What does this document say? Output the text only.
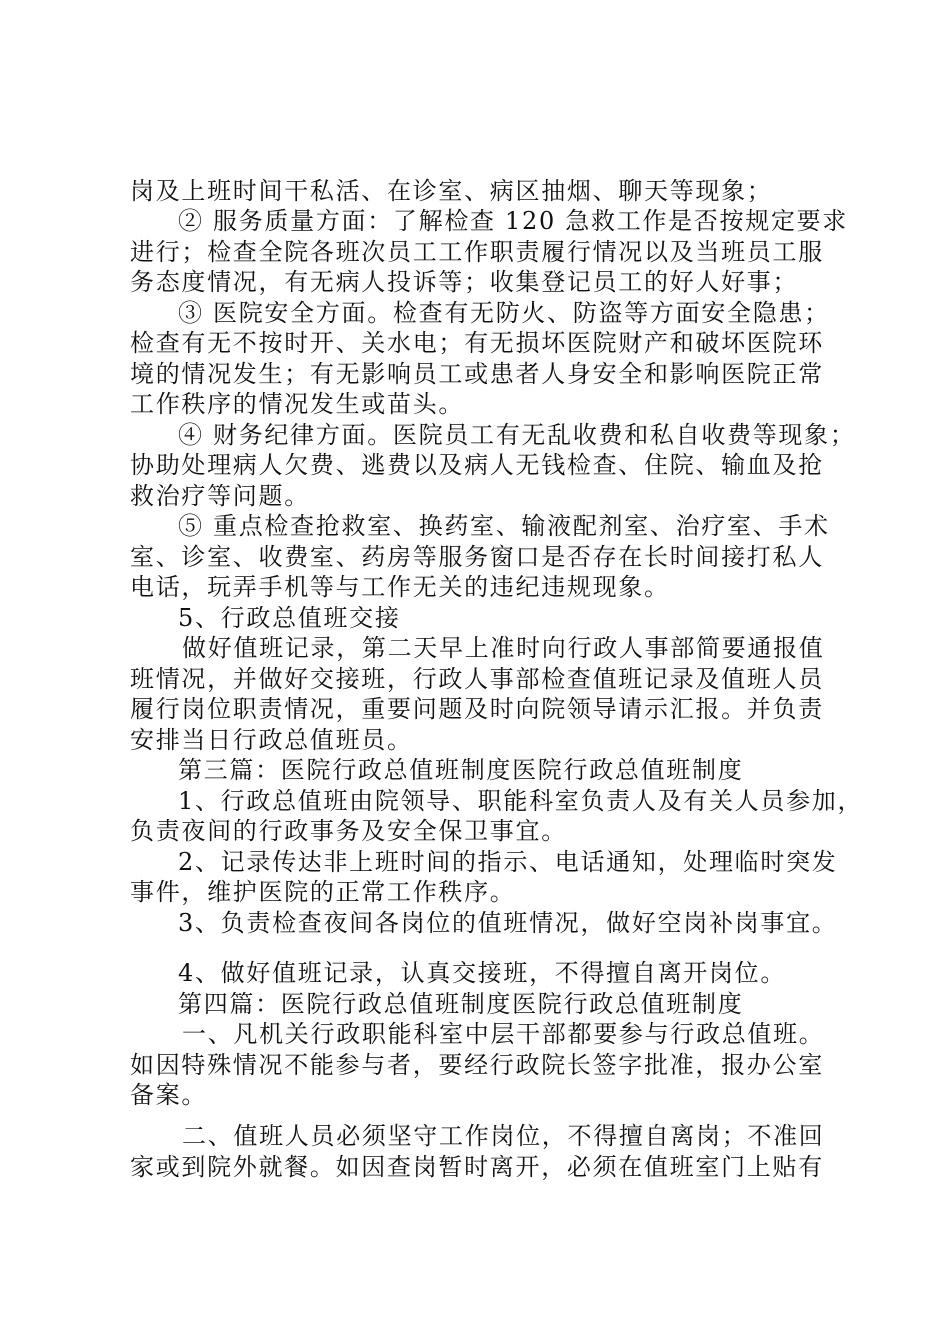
岗及上班时间干私活、在诊室、病区抽烟、聊天等现象；
② 服务质量方面：了解检查 120 急救工作是否按规定要求
进行；检查全院各班次员工工作职责履行情况以及当班员工服
务态度情况，有无病人投诉等；收集登记员工的好人好事；
③ 医院安全方面。检查有无防火、防盗等方面安全隐患；
检查有无不按时开、关水电；有无损坏医院财产和破坏医院环
境的情况发生；有无影响员工或患者人身安全和影响医院正常
工作秩序的情况发生或苗头。
④ 财务纪律方面。医院员工有无乱收费和私自收费等现象；
协助处理病人欠费、逃费以及病人无钱检查、住院、输血及抢
救治疗等问题。
⑤ 重点检查抢救室、换药室、输液配剂室、治疗室、手术
室、诊室、收费室、药房等服务窗口是否存在长时间接打私人
电话，玩弄手机等与工作无关的违纪违规现象。
5、行政总值班交接
做好值班记录，第二天早上准时向行政人事部简要通报值
班情况，并做好交接班，行政人事部检查值班记录及值班人员
履行岗位职责情况，重要问题及时向院领导请示汇报。并负责
安排当日行政总值班员。
第三篇：医院行政总值班制度医院行政总值班制度
1、行政总值班由院领导、职能科室负责人及有关人员参加，
负责夜间的行政事务及安全保卫事宜。
2、记录传达非上班时间的指示、电话通知，处理临时突发
事件，维护医院的正常工作秩序。
3、负责检查夜间各岗位的值班情况，做好空岗补岗事宜。
4、做好值班记录，认真交接班，不得擅自离开岗位。
第四篇：医院行政总值班制度医院行政总值班制度
一、凡机关行政职能科室中层干部都要参与行政总值班。
如因特殊情况不能参与者，要经行政院长签字批准，报办公室
备案。
二、值班人员必须坚守工作岗位，不得擅自离岗；不准回
家或到院外就餐。如因查岗暂时离开，必须在值班室门上贴有
